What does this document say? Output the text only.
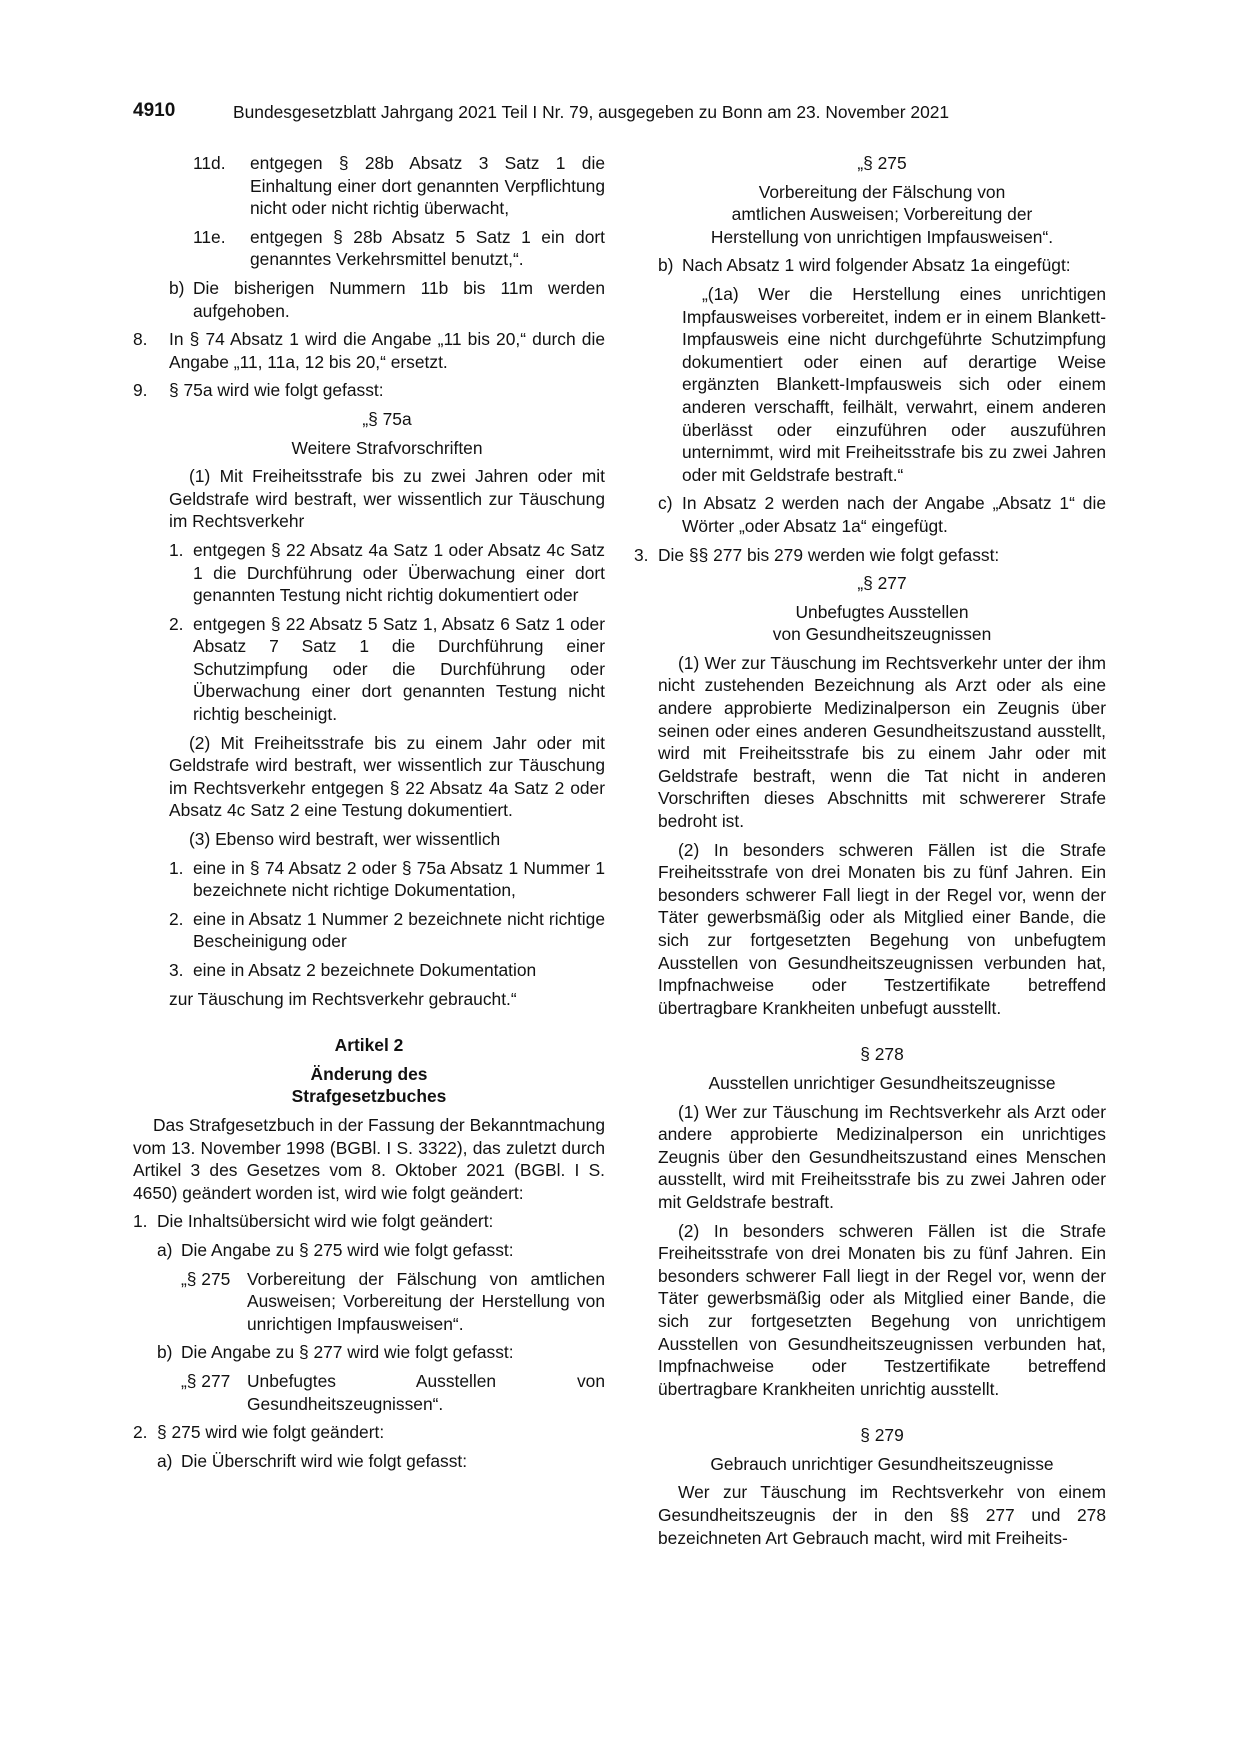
4910	Bundesgesetzblatt Jahrgang 2021 Teil I Nr. 79, ausgegeben zu Bonn am 23. November 2021
11d.	entgegen § 28b Absatz 3 Satz 1 die Einhaltung einer dort genannten Verpflichtung nicht oder nicht richtig überwacht,
11e.	entgegen § 28b Absatz 5 Satz 1 ein dort genanntes Verkehrsmittel benutzt,“.
b) Die bisherigen Nummern 11b bis 11m werden aufgehoben.
8.	In § 74 Absatz 1 wird die Angabe „11 bis 20,“ durch die Angabe „11, 11a, 12 bis 20,“ ersetzt.
9.	§ 75a wird wie folgt gefasst:

„§ 75a

Weitere Strafvorschriften

(1) Mit Freiheitsstrafe bis zu zwei Jahren oder mit Geldstrafe wird bestraft, wer wissentlich zur Täuschung im Rechtsverkehr

1. entgegen § 22 Absatz 4a Satz 1 oder Absatz 4c Satz 1 die Durchführung oder Überwachung einer dort genannten Testung nicht richtig dokumentiert oder
2. entgegen § 22 Absatz 5 Satz 1, Absatz 6 Satz 1 oder Absatz 7 Satz 1 die Durchführung einer Schutzimpfung oder die Durchführung oder Überwachung einer dort genannten Testung nicht richtig bescheinigt.

(2) Mit Freiheitsstrafe bis zu einem Jahr oder mit Geldstrafe wird bestraft, wer wissentlich zur Täuschung im Rechtsverkehr entgegen § 22 Absatz 4a Satz 2 oder Absatz 4c Satz 2 eine Testung dokumentiert.

(3) Ebenso wird bestraft, wer wissentlich

1. eine in § 74 Absatz 2 oder § 75a Absatz 1 Nummer 1 bezeichnete nicht richtige Dokumentation,
2. eine in Absatz 1 Nummer 2 bezeichnete nicht richtige Bescheinigung oder
3. eine in Absatz 2 bezeichnete Dokumentation

zur Täuschung im Rechtsverkehr gebraucht.“

Artikel 2

Änderung des

Strafgesetzbuches

Das Strafgesetzbuch in der Fassung der Bekanntmachung vom 13. November 1998 (BGBl. I S. 3322), das zuletzt durch Artikel 3 des Gesetzes vom 8. Oktober 2021 (BGBl. I S. 4650) geändert worden ist, wird wie folgt geändert:

1. Die Inhaltsübersicht wird wie folgt geändert:
a) Die Angabe zu § 275 wird wie folgt gefasst:
„§ 275 Vorbereitung der Fälschung von amtlichen Ausweisen; Vorbereitung der Herstellung von unrichtigen Impfausweisen“.
b) Die Angabe zu § 277 wird wie folgt gefasst:
„§ 277 Unbefugtes Ausstellen von Gesundheitszeugnissen“.
2. § 275 wird wie folgt geändert:
a) Die Überschrift wird wie folgt gefasst:

„§ 275

Vorbereitung der Fälschung von

amtlichen Ausweisen; Vorbereitung der

Herstellung von unrichtigen Impfausweisen“.

b) Nach Absatz 1 wird folgender Absatz 1a eingefügt:

„(1a) Wer die Herstellung eines unrichtigen Impfausweises vorbereitet, indem er in einem Blankett-Impfausweis eine nicht durchgeführte Schutzimpfung dokumentiert oder einen auf derartige Weise ergänzten Blankett-Impfausweis sich oder einem anderen verschafft, feilhält, verwahrt, einem anderen überlässt oder einzuführen oder auszuführen unternimmt, wird mit Freiheitsstrafe bis zu zwei Jahren oder mit Geldstrafe bestraft.“

c) In Absatz 2 werden nach der Angabe „Absatz 1“ die Wörter „oder Absatz 1a“ eingefügt.
3. Die §§ 277 bis 279 werden wie folgt gefasst:

„§ 277

Unbefugtes Ausstellen

von Gesundheitszeugnissen

(1) Wer zur Täuschung im Rechtsverkehr unter der ihm nicht zustehenden Bezeichnung als Arzt oder als eine andere approbierte Medizinalperson ein Zeugnis über seinen oder eines anderen Gesundheitszustand ausstellt, wird mit Freiheitsstrafe bis zu einem Jahr oder mit Geldstrafe bestraft, wenn die Tat nicht in anderen Vorschriften dieses Abschnitts mit schwererer Strafe bedroht ist.

(2) In besonders schweren Fällen ist die Strafe Freiheitsstrafe von drei Monaten bis zu fünf Jahren. Ein besonders schwerer Fall liegt in der Regel vor, wenn der Täter gewerbsmäßig oder als Mitglied einer Bande, die sich zur fortgesetzten Begehung von unbefugtem Ausstellen von Gesundheitszeugnissen verbunden hat, Impfnachweise oder Testzertifikate betreffend übertragbare Krankheiten unbefugt ausstellt.

§ 278

Ausstellen unrichtiger Gesundheitszeugnisse

(1) Wer zur Täuschung im Rechtsverkehr als Arzt oder andere approbierte Medizinalperson ein unrichtiges Zeugnis über den Gesundheitszustand eines Menschen ausstellt, wird mit Freiheitsstrafe bis zu zwei Jahren oder mit Geldstrafe bestraft.

(2) In besonders schweren Fällen ist die Strafe Freiheitsstrafe von drei Monaten bis zu fünf Jahren. Ein besonders schwerer Fall liegt in der Regel vor, wenn der Täter gewerbsmäßig oder als Mitglied einer Bande, die sich zur fortgesetzten Begehung von unrichtigem Ausstellen von Gesundheitszeugnissen verbunden hat, Impfnachweise oder Testzertifikate betreffend übertragbare Krankheiten unrichtig ausstellt.

§ 279

Gebrauch unrichtiger Gesundheitszeugnisse

Wer zur Täuschung im Rechtsverkehr von einem Gesundheitszeugnis der in den §§ 277 und 278 bezeichneten Art Gebrauch macht, wird mit Freiheits-
